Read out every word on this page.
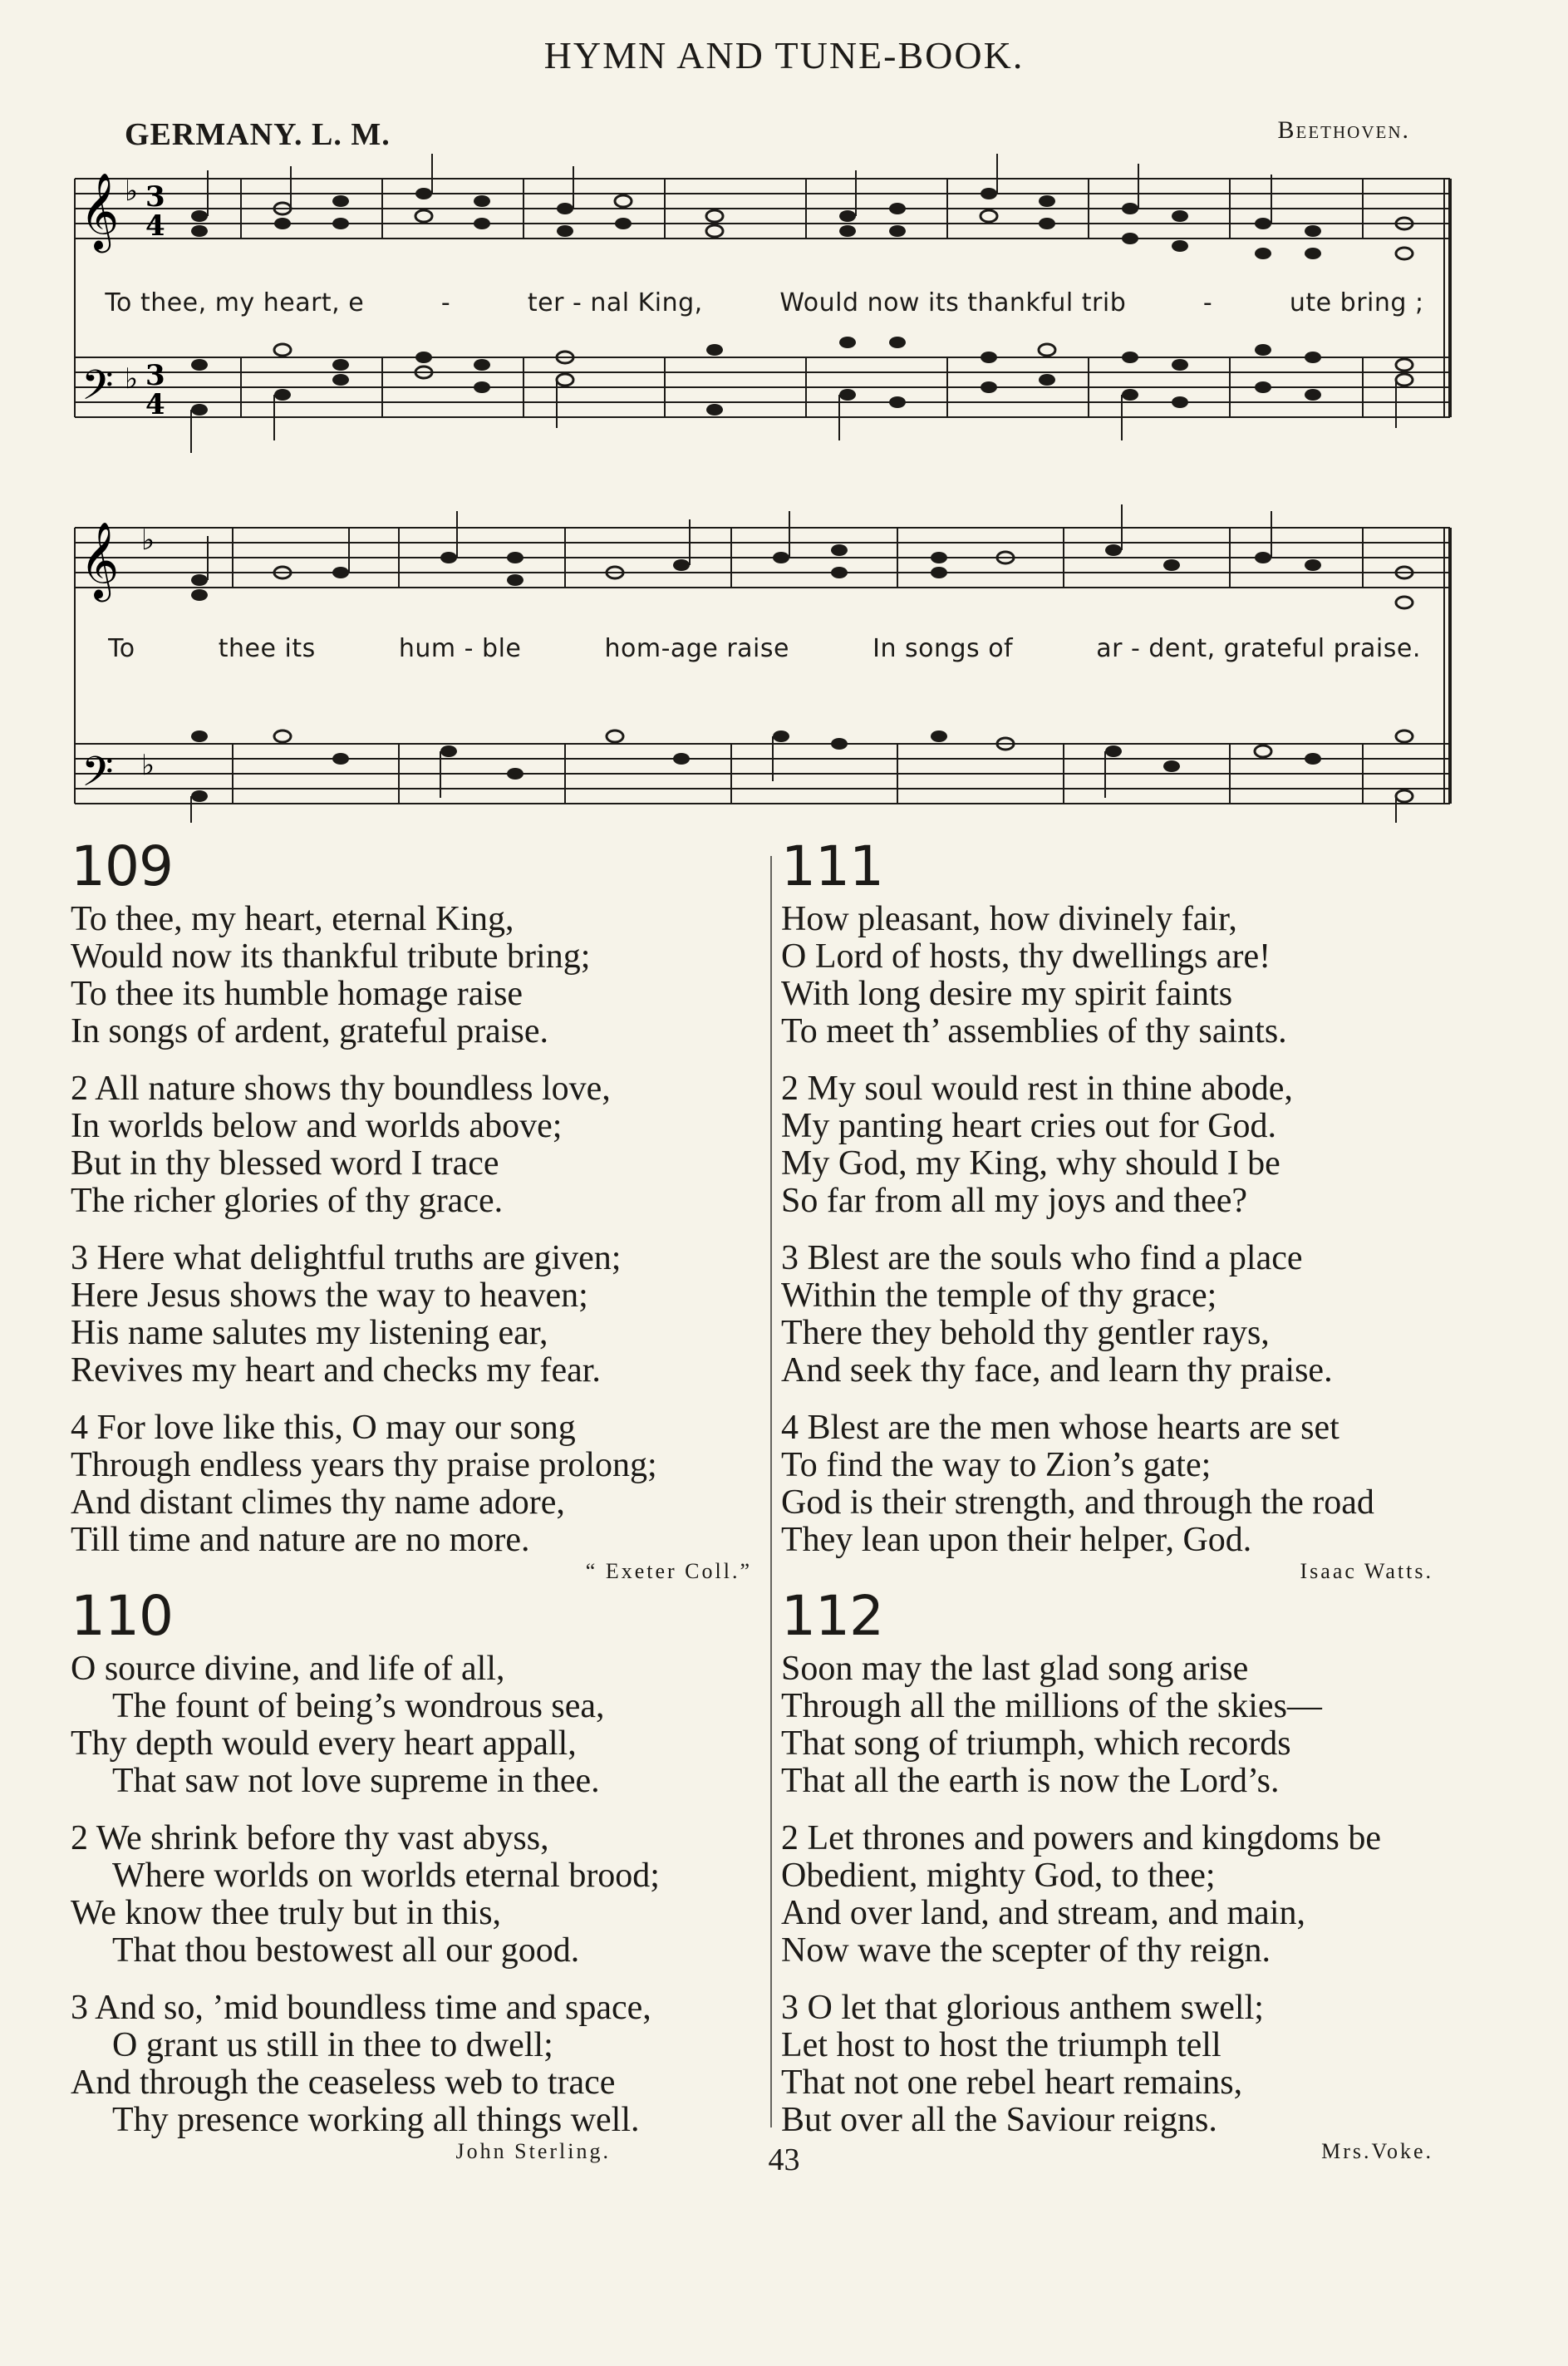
HYMN AND TUNE-BOOK.
GERMANY. L. M.	Beethoven.
𝄞
𝄢
♭
♭
3
4
3
4
To thee, my heart, e	-	ter - nal King,	Would now its thankful trib	-	ute bring ;
𝄞
𝄢
♭
♭
To	thee its	hum - ble	hom-age raise	In songs of	ar - dent, grateful praise.
109
To thee, my heart, eternal King,
Would now its thankful tribute bring;
To thee its humble homage raise
In songs of ardent, grateful praise.
2 All nature shows thy boundless love,
In worlds below and worlds above;
But in thy blessed word I trace
The richer glories of thy grace.
3 Here what delightful truths are given;
Here Jesus shows the way to heaven;
His name salutes my listening ear,
Revives my heart and checks my fear.
4 For love like this, O may our song
Through endless years thy praise prolong;
And distant climes thy name adore,
Till time and nature are no more.
“ Exeter Coll.”
110
O source divine, and life of all,
The fount of being’s wondrous sea,
Thy depth would every heart appall,
That saw not love supreme in thee.
2 We shrink before thy vast abyss,
Where worlds on worlds eternal brood;
We know thee truly but in this,
That thou bestowest all our good.
3 And so, ’mid boundless time and space,
O grant us still in thee to dwell;
And through the ceaseless web to trace
Thy presence working all things well.
John Sterling.
111
How pleasant, how divinely fair,
O Lord of hosts, thy dwellings are!
With long desire my spirit faints
To meet th’ assemblies of thy saints.
2 My soul would rest in thine abode,
My panting heart cries out for God.
My God, my King, why should I be
So far from all my joys and thee?
3 Blest are the souls who find a place
Within the temple of thy grace;
There they behold thy gentler rays,
And seek thy face, and learn thy praise.
4 Blest are the men whose hearts are set
To find the way to Zion’s gate;
God is their strength, and through the road
They lean upon their helper, God.
Isaac Watts.
112
Soon may the last glad song arise
Through all the millions of the skies—
That song of triumph, which records
That all the earth is now the Lord’s.
2 Let thrones and powers and kingdoms be
Obedient, mighty God, to thee;
And over land, and stream, and main,
Now wave the scepter of thy reign.
3 O let that glorious anthem swell;
Let host to host the triumph tell
That not one rebel heart remains,
But over all the Saviour reigns.
Mrs.Voke.
43
